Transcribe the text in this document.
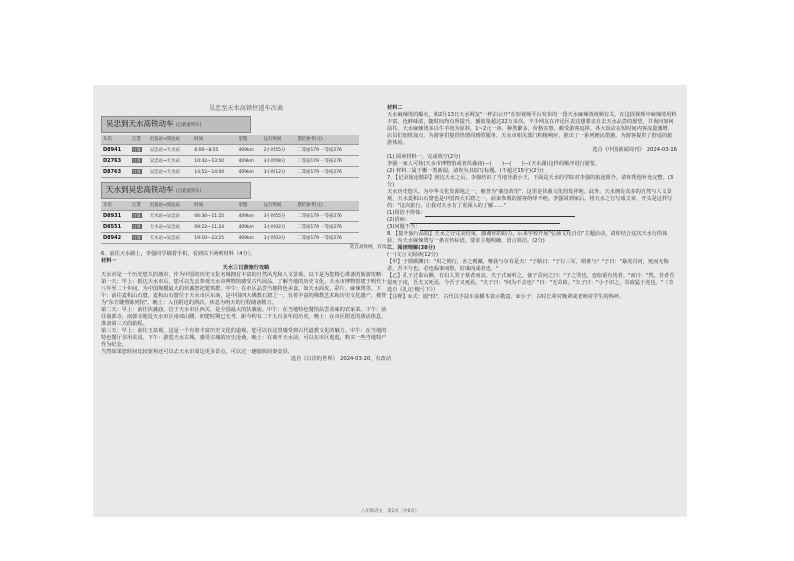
吴忠至天水高铁往返车次表
吴忠到天水高铁动车 (自新道列车)
车次	订票	出发站→到达站	时间	里程	运行时间	票价参考(元)
D8941	订票	吴忠站→天水站	6:00—8:55	409km	2小时55分	二等座179 一等座276
D2763	订票	吴忠站→天水站	10:42—13:50	409km	3小时08分	二等座179 一等座276
D8763	订票	吴忠站→天水站	14:52—14:04	409km	3小时12分	二等座179 一等座276
天水到吴忠高铁动车 (自新道列车)
车次	订票	出发站→到达站	时间	里程	运行时间	票价参考(元)
D8931	订票	天水站→吴忠站	06:30—11:25	409km	3小时55分	二等座179 一等座276
D8551	订票	天水站→吴忠站	09:22—11:24	409km	3小时02分	二等座179 一等座276
D8942	订票	天水站→吴忠站	19:10—23:25	409km	3小时03分	二等座179 一等座276

选自高铁网，有改动

6．前往天水路上，李强同学刷着手机，看到以下两则材料（4分）。

材料一

天水三日游旅行攻略

天水市是一个历史悠久的城市，作为中国的历史文化名城拥有丰富的自然风光和人文景观。以下是为您精心准备的旅游攻略：

第一天：早上：抵达天水市后，您可以先去参观天水市博物馆感受古代展品。了解当地的历史文化。天水市博物馆建于明代十八年至二十年间，为中国规模最大的伏羲祭祀建筑群。中午：在市区品尝当地特色美食，如天水面皮、彩片、麻辣烫等。下午：前往麦积山石窟，麦积山石窟位于天水市区东南，是中国四大佛教石窟之一，有着丰富的佛教艺术和历史文化遗产，被誉为"东方雕塑陈列馆"。晚上：入住附近的酒店，休息为明天的行程储备精力。

第二天：早上：前往伏羲庙，位于天水市区西关，是全国最大的伏羲庙。中午：在当地特色餐馆品尝美味的农家菜。下午：前往南郭寺，南郭寺地处天水市区南郊山腰，初建时期已无考，距今约有二千五百多年的历史。晚上：在市区附近的酒店休息，准备第三天的旅程。

第三天：早上：前往玉泉观，这是一个有着丰富历史文化的道观，您可以在这里感受到古代道教文化的魅力。中午：在当地的特色餐厅享用美食。下午：游览天水古城，感受古城的历史沧桑。晚上：在离开天水前，可以在市区逛逛，购买一些当地特产作为纪念。

当然如果您时间比较宽裕还可以去天水市周边更多景点，可以过一趟愉快的秦安县。

选自《白洋的世界》　2024-03-20，有改动

材料二

天水麻辣烫的爆火，和2月13日天水网友"一杯泊云开"在短视频平台发布的一段天水麻辣烫视频有关。在这段视频中麻辣烫用料丰富，色鲜味浓，随时间均有所提升，播放量超过22万多次，不少网友在评论区表达想要亲自去天水品尝的愿望，并询问如何前往。天水麻辣烫多以牛羊肉为原料，1~2元一串，种类繁多，价格实惠，颇受游客追捧。各大饭店在短时间内客流量激增，店员们加班加点，为游客们提供热情周到的服务。天水市相关部门积极响应，推出了一系列便民措施，为游客提供了舒适的旅游体验。

选自《中国新闻周刊》　2024-03-16

(1) 阅读材料一，完成填空(2分)

李强一家人可按(天水市博物馆或者伏羲庙)—(　　)—(　　)—(天水湖)这样的顺序进行游览。

(2) 材料二属于哪一类新闻，请你为其拟写标题。(不超过15字)(2分)

7．【记录旅途精彩】到达天水之后，李强结识了当地导游小王，下面是天水的学院对李强的旅途简介，请你帮他补充完整。(3分)

天水历史悠久，为中华文化发源地之一，被誉为"羲皇故里"，这里是伏羲文化的发祥地。此外，天水拥有众多的自然与人文景观，天水麦积山石窟也是中国四大石窟之一，前来参观的游客络绎不绝。李强回到家后，将天水之行写成文章，开头是这样写的："这次旅行，让我对天水有了更深入的了解……"

(1)用语不得体：

(2)语病：

(3)问题不当：

8．【提升旅行品质】天水之行完美结束，感谢你的助力。后来学校开展"弘扬文化自信"主题活动，请你结合这次天水行的体验，为天水麻辣烫写一条宣传标语，要求主题明确，语言简洁。(2分)

二、阅读理解(38分)

(一)文言文阅读(12分)

【甲】子谓颜渊曰："用之则行，舍之则藏，唯我与尔有是夫！"子路曰："子行三军，则谁与？"子曰："暴虎冯河，死而无悔者，吾不与也。必也临事而惧，好谋而成者也。"

【乙】孔子过泰山侧，有妇人哭于墓者而哀。夫子式而听之，使子贡问之曰："子之哭也，壹似重有忧者。"而曰："然。昔者吾舅死于虎，吾夫又死焉，今吾子又死焉。"夫子曰："何为不去也？"曰："无苛政。"夫子曰："小子识之，苛政猛于虎也。"（节选自《礼记·檀弓下》）

【注释】①式：通"轼"，古代以手扶车前横木表示敬意。②小子：古时长辈对晚辈或老师对学生的称呼。

八年级语文　第2页（共6页）
